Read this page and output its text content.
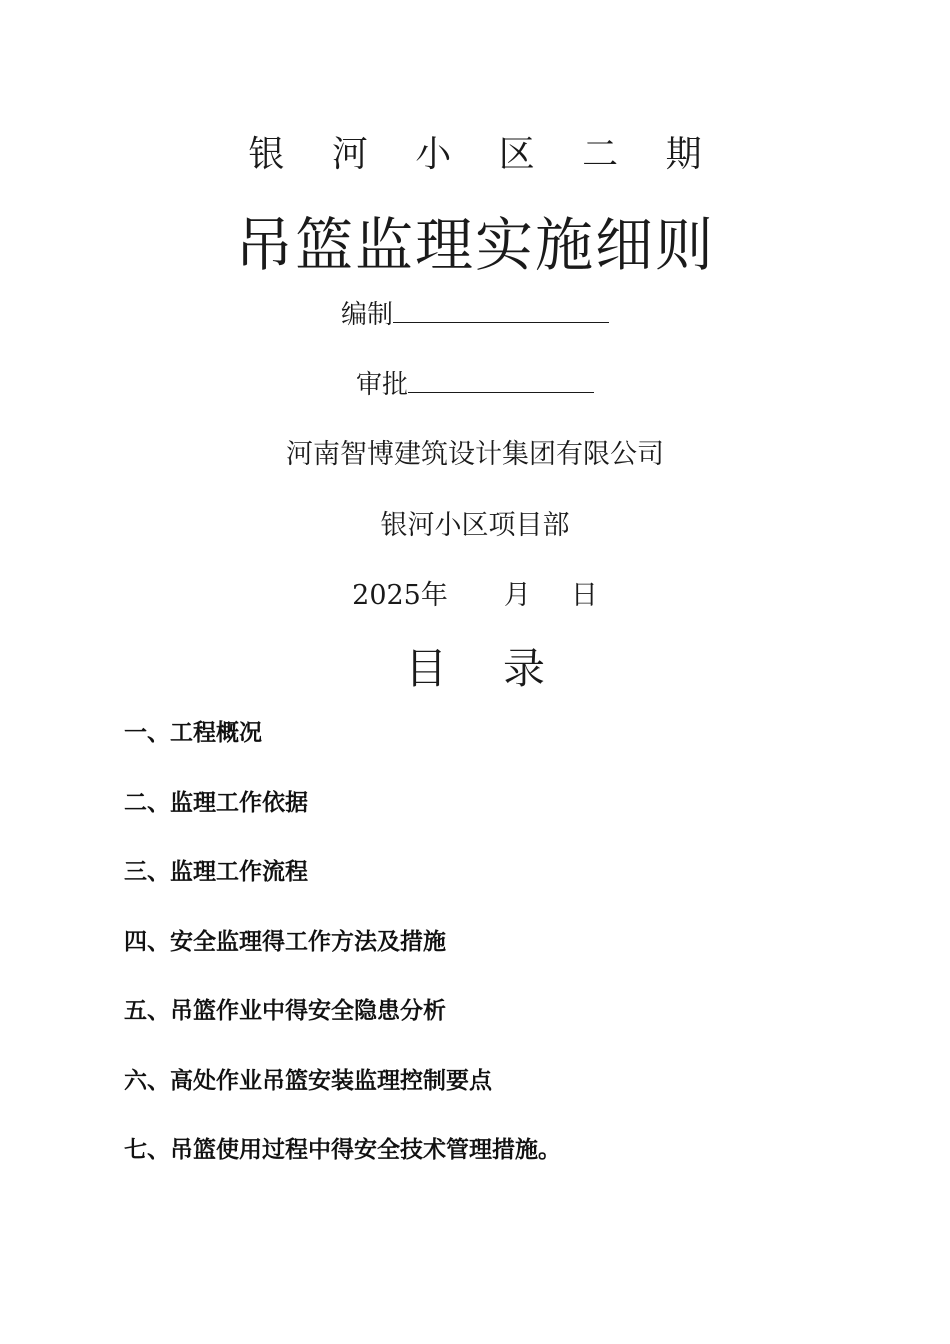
银 河 小 区 二 期
吊篮监理实施细则
编制
审批
河南智博建筑设计集团有限公司
银河小区项目部
2025年 月 日
目 录
一、工程概况
二、监理工作依据
三、监理工作流程
四、安全监理得工作方法及措施
五、吊篮作业中得安全隐患分析
六、高处作业吊篮安装监理控制要点
七、吊篮使用过程中得安全技术管理措施。
